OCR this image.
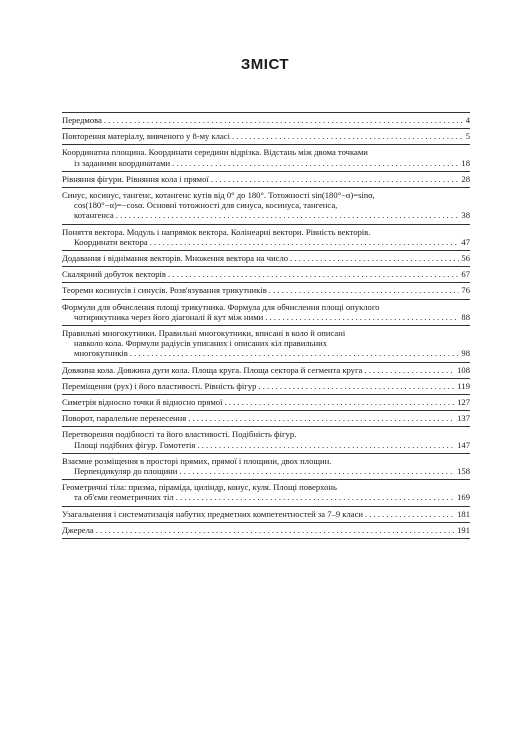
ЗМІСТ
Передмова . . .	4
Повторення матеріалу, вивченого у 8-му класі . . .	5
Координатна площина. Координати середини відрізка. Відстань між двома точками
із заданими координатами . . .	18
Рівняння фігури. Рівняння кола і прямої . . .	28
Синус, косинус, тангенс, котангенс кутів від 0° до 180°. Тотожності sin(180°−α)=sinα,
cos(180°−α)=−cosα. Основні тотожності для синуса, косинуса, тангенса,
котангенса . . .	38
Поняття вектора. Модуль і напрямок вектора. Колінеарні вектори. Рівність векторів.
Координати вектора . . .	47
Додавання і віднімання векторів. Множення вектора на число . . .	56
Скалярний добуток векторів . . .	67
Теореми косинусів і синусів. Розв'язування трикутників . . .	76
Формули для обчислення площі трикутника. Формула для обчислення площі опуклого
чотирикутника через його діагоналі й кут між ними . . .	88
Правильні многокутники. Правильні многокутники, вписані в коло й описані
навколо кола. Формули радіусів уписаних і описаних кіл правильних
многокутників . . .	98
Довжина кола. Довжина дуги кола. Площа круга. Площа сектора й сегмента круга . . .	108
Переміщення (рух) і його властивості. Рівність фігур . . .	119
Симетрія відносно точки й відносно прямої . . .	127
Поворот, паралельне перенесення . . .	137
Перетворення подібності та його властивості. Подібність фігур.
Площі подібних фігур. Гомотетія . . .	147
Взаємне розміщення в просторі прямих, прямої і площини, двох площин.
Перпендикуляр до площини . . .	158
Геометричні тіла: призма, піраміда, циліндр, конус, куля. Площі поверхонь
та об'єми геометричних тіл . . .	169
Узагальнення і систематизація набутих предметних компетентностей за 7–9 класи . . .	181
Джерела . . .	191
